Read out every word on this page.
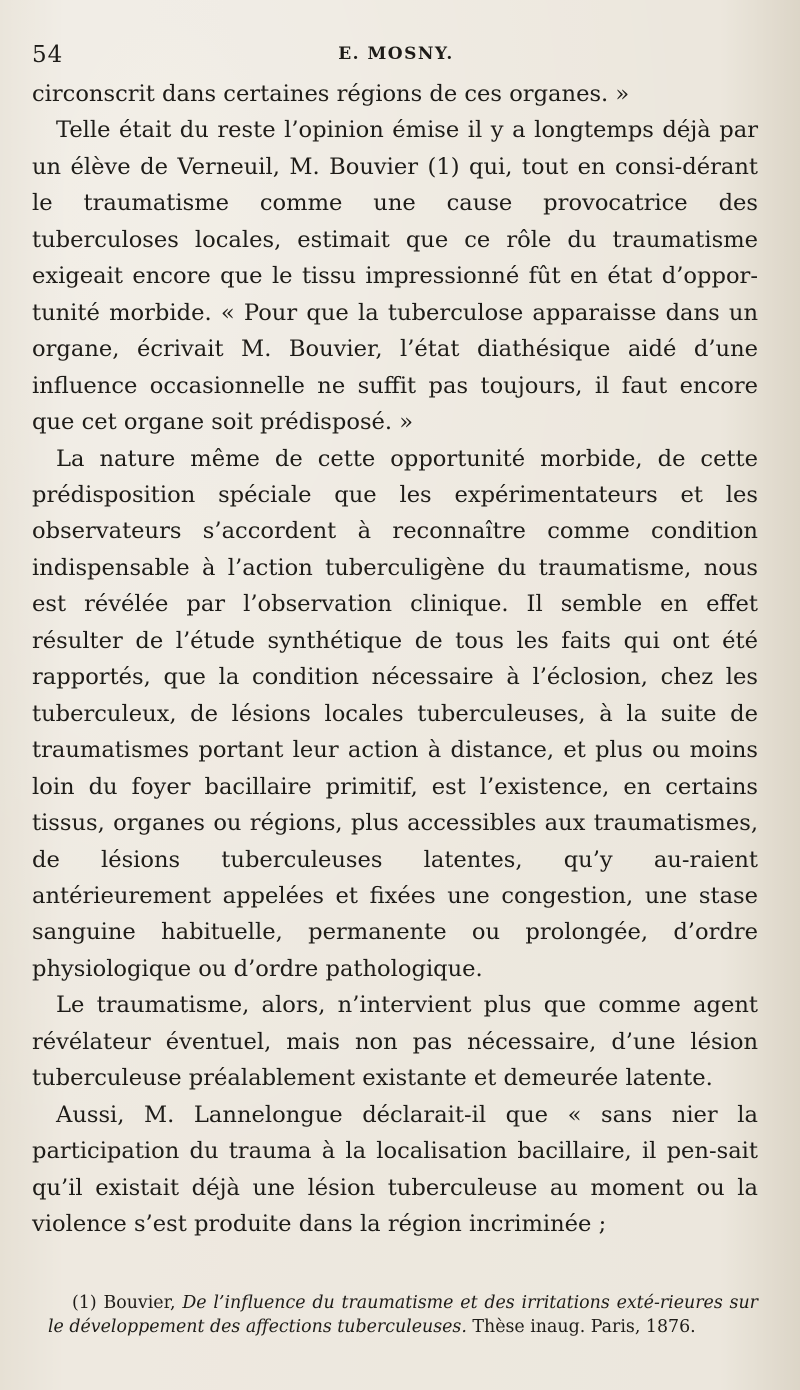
54	E. MOSNY.

circonscrit dans certaines régions de ces organes. »

Telle était du reste l’opinion émise il y a longtemps déjà par un élève de Verneuil, M. Bouvier (1) qui, tout en consi-dérant le traumatisme comme une cause provocatrice des tuberculoses locales, estimait que ce rôle du traumatisme exigeait encore que le tissu impressionné fût en état d’oppor-tunité morbide. « Pour que la tuberculose apparaisse dans un organe, écrivait M. Bouvier, l’état diathésique aidé d’une influence occasionnelle ne suffit pas toujours, il faut encore que cet organe soit prédisposé. »

La nature même de cette opportunité morbide, de cette prédisposition spéciale que les expérimentateurs et les observateurs s’accordent à reconnaître comme condition indispensable à l’action tuberculigène du traumatisme, nous est révélée par l’observation clinique. Il semble en effet résulter de l’étude synthétique de tous les faits qui ont été rapportés, que la condition nécessaire à l’éclosion, chez les tuberculeux, de lésions locales tuberculeuses, à la suite de traumatismes portant leur action à distance, et plus ou moins loin du foyer bacillaire primitif, est l’existence, en certains tissus, organes ou régions, plus accessibles aux traumatismes, de lésions tuberculeuses latentes, qu’y au-raient antérieurement appelées et fixées une congestion, une stase sanguine habituelle, permanente ou prolongée, d’ordre physiologique ou d’ordre pathologique.

Le traumatisme, alors, n’intervient plus que comme agent révélateur éventuel, mais non pas nécessaire, d’une lésion tuberculeuse préalablement existante et demeurée latente.

Aussi, M. Lannelongue déclarait-il que « sans nier la participation du trauma à la localisation bacillaire, il pen-sait qu’il existait déjà une lésion tuberculeuse au moment ou la violence s’est produite dans la région incriminée ;

(1) Bouvier, De l’influence du traumatisme et des irritations exté-rieures sur le développement des affections tuberculeuses. Thèse inaug. Paris, 1876.
